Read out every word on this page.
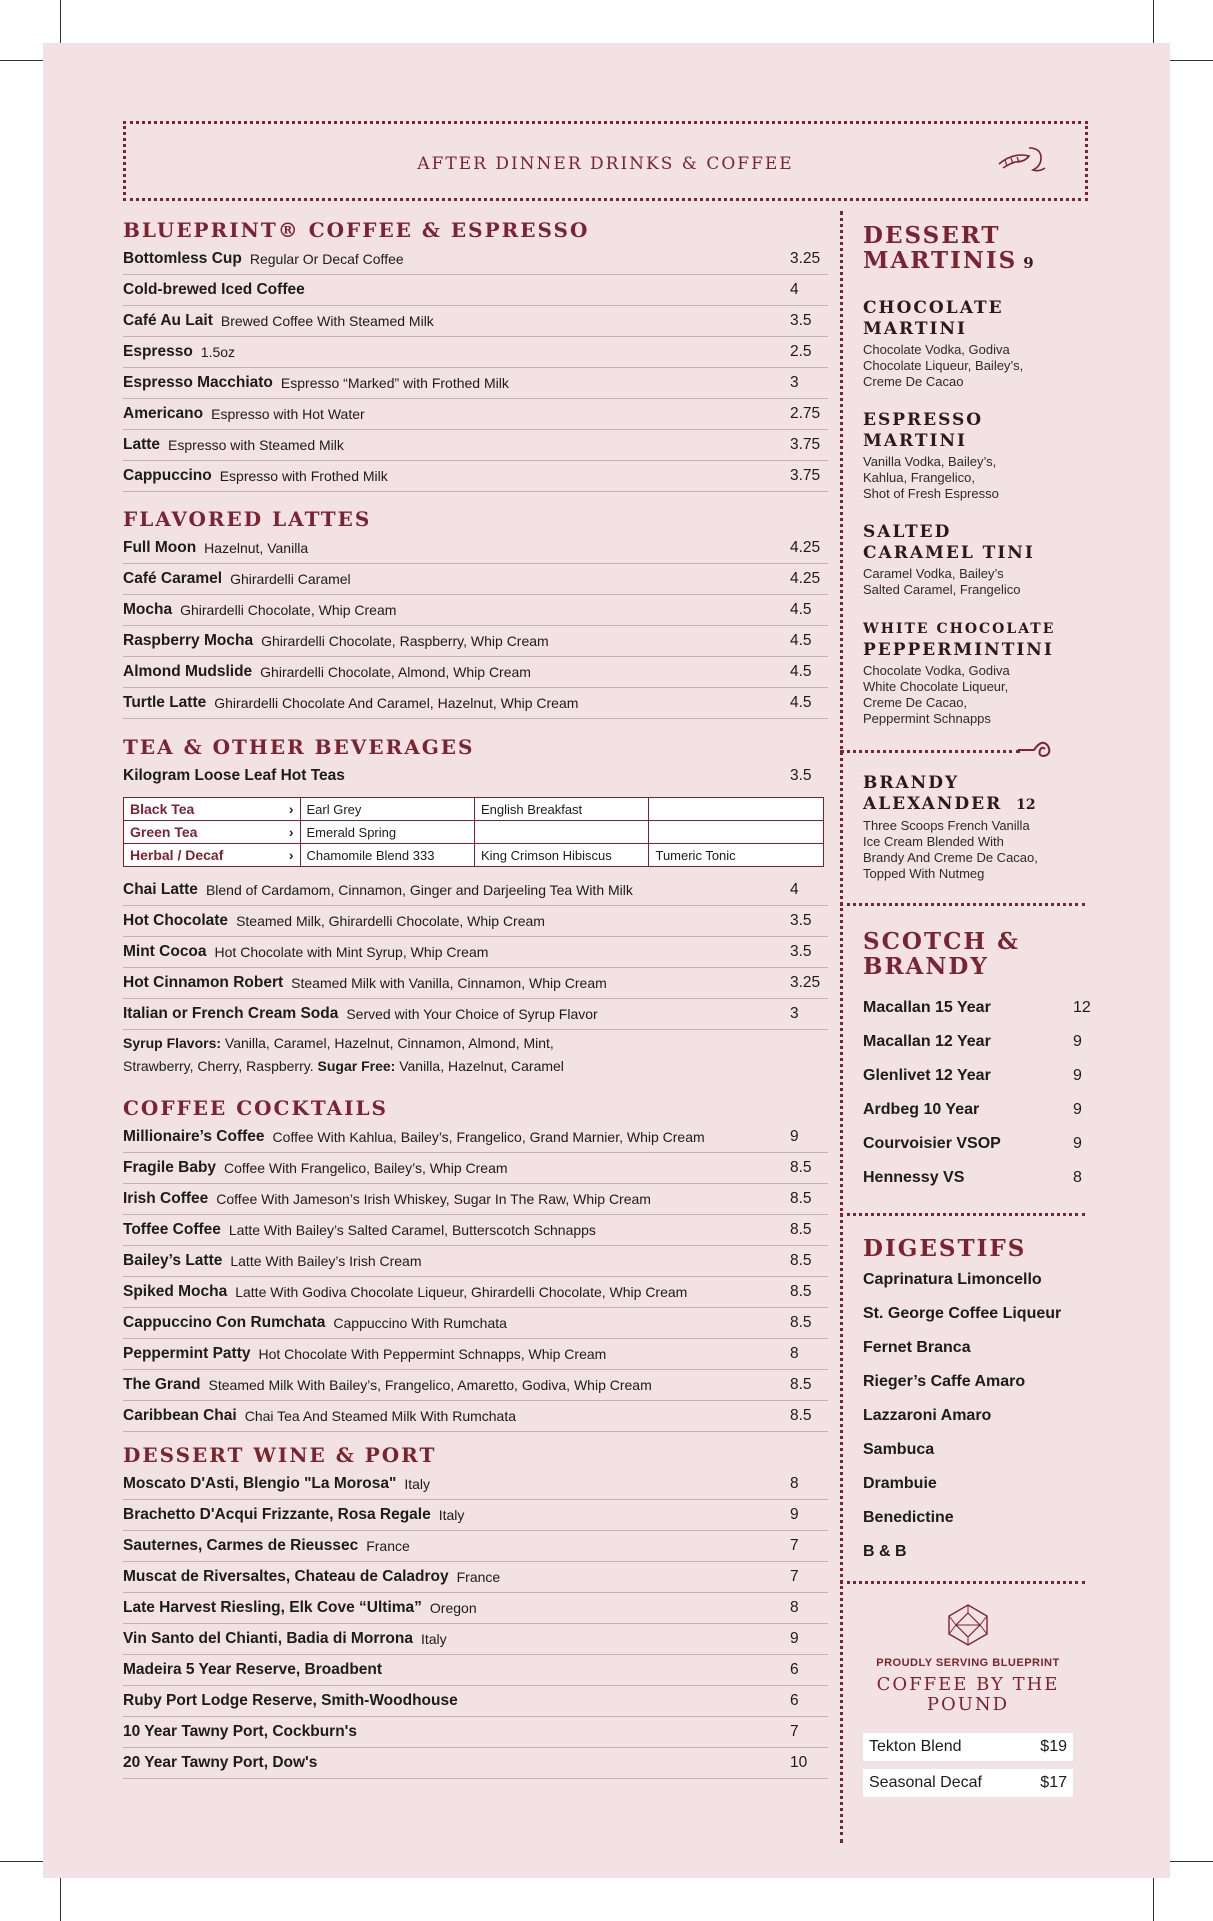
AFTER DINNER DRINKS & COFFEE
BLUEPRINT® COFFEE & ESPRESSO
Bottomless Cup Regular Or Decaf Coffee	3.25
Cold-brewed Iced Coffee	4
Café Au Lait Brewed Coffee With Steamed Milk	3.5
Espresso 1.5oz	2.5
Espresso Macchiato Espresso “Marked” with Frothed Milk	3
Americano Espresso with Hot Water	2.75
Latte Espresso with Steamed Milk	3.75
Cappuccino Espresso with Frothed Milk	3.75
FLAVORED LATTES
Full Moon Hazelnut, Vanilla	4.25
Café Caramel Ghirardelli Caramel	4.25
Mocha Ghirardelli Chocolate, Whip Cream	4.5
Raspberry Mocha Ghirardelli Chocolate, Raspberry, Whip Cream	4.5
Almond Mudslide Ghirardelli Chocolate, Almond, Whip Cream	4.5
Turtle Latte Ghirardelli Chocolate And Caramel, Hazelnut, Whip Cream	4.5
TEA & OTHER BEVERAGES
Kilogram Loose Leaf Hot Teas	3.5
Black Tea ›	Earl Grey	English Breakfast	
Green Tea ›	Emerald Spring		
Herbal / Decaf ›	Chamomile Blend 333	King Crimson Hibiscus	Tumeric Tonic
Chai Latte Blend of Cardamom, Cinnamon, Ginger and Darjeeling Tea With Milk	4
Hot Chocolate Steamed Milk, Ghirardelli Chocolate, Whip Cream	3.5
Mint Cocoa Hot Chocolate with Mint Syrup, Whip Cream	3.5
Hot Cinnamon Robert Steamed Milk with Vanilla, Cinnamon, Whip Cream	3.25
Italian or French Cream Soda Served with Your Choice of Syrup Flavor	3

Syrup Flavors: Vanilla, Caramel, Hazelnut, Cinnamon, Almond, Mint,
Strawberry, Cherry, Raspberry. Sugar Free: Vanilla, Hazelnut, Caramel

COFFEE COCKTAILS
Millionaire’s Coffee Coffee With Kahlua, Bailey’s, Frangelico, Grand Marnier, Whip Cream	9
Fragile Baby Coffee With Frangelico, Bailey’s, Whip Cream	8.5
Irish Coffee Coffee With Jameson’s Irish Whiskey, Sugar In The Raw, Whip Cream	8.5
Toffee Coffee Latte With Bailey’s Salted Caramel, Butterscotch Schnapps	8.5
Bailey’s Latte Latte With Bailey’s Irish Cream	8.5
Spiked Mocha Latte With Godiva Chocolate Liqueur, Ghirardelli Chocolate, Whip Cream	8.5
Cappuccino Con Rumchata Cappuccino With Rumchata	8.5
Peppermint Patty Hot Chocolate With Peppermint Schnapps, Whip Cream	8
The Grand Steamed Milk With Bailey’s, Frangelico, Amaretto, Godiva, Whip Cream	8.5
Caribbean Chai Chai Tea And Steamed Milk With Rumchata	8.5
DESSERT WINE & PORT
Moscato D'Asti, Blengio "La Morosa" Italy	8
Brachetto D'Acqui Frizzante, Rosa Regale Italy	9
Sauternes, Carmes de Rieussec France	7
Muscat de Riversaltes, Chateau de Caladroy France	7
Late Harvest Riesling, Elk Cove “Ultima” Oregon	8
Vin Santo del Chianti, Badia di Morrona Italy	9
Madeira 5 Year Reserve, Broadbent	6
Ruby Port Lodge Reserve, Smith-Woodhouse	6
10 Year Tawny Port, Cockburn's	7
20 Year Tawny Port, Dow's	10
DESSERT
MARTINIS 9
CHOCOLATE
MARTINI

Chocolate Vodka, Godiva
Chocolate Liqueur, Bailey’s,
Creme De Cacao

ESPRESSO
MARTINI

Vanilla Vodka, Bailey’s,
Kahlua, Frangelico,
Shot of Fresh Espresso

SALTED
CARAMEL TINI

Caramel Vodka, Bailey’s
Salted Caramel, Frangelico

WHITE CHOCOLATE
PEPPERMINTINI

Chocolate Vodka, Godiva
White Chocolate Liqueur,
Creme De Cacao,
Peppermint Schnapps

BRANDY
ALEXANDER 12

Three Scoops French Vanilla
Ice Cream Blended With
Brandy And Creme De Cacao,
Topped With Nutmeg

SCOTCH &
BRANDY
Macallan 15 Year	12
Macallan 12 Year	9
Glenlivet 12 Year	9
Ardbeg 10 Year	9
Courvoisier VSOP	9
Hennessy VS	8
DIGESTIFS
Caprinatura Limoncello
St. George Coffee Liqueur
Fernet Branca
Rieger’s Caffe Amaro
Lazzaroni Amaro
Sambuca
Drambuie
Benedictine
B & B
PROUDLY SERVING BLUEPRINT
COFFEE BY THE
POUND
Tekton Blend	$19
Seasonal Decaf	$17
